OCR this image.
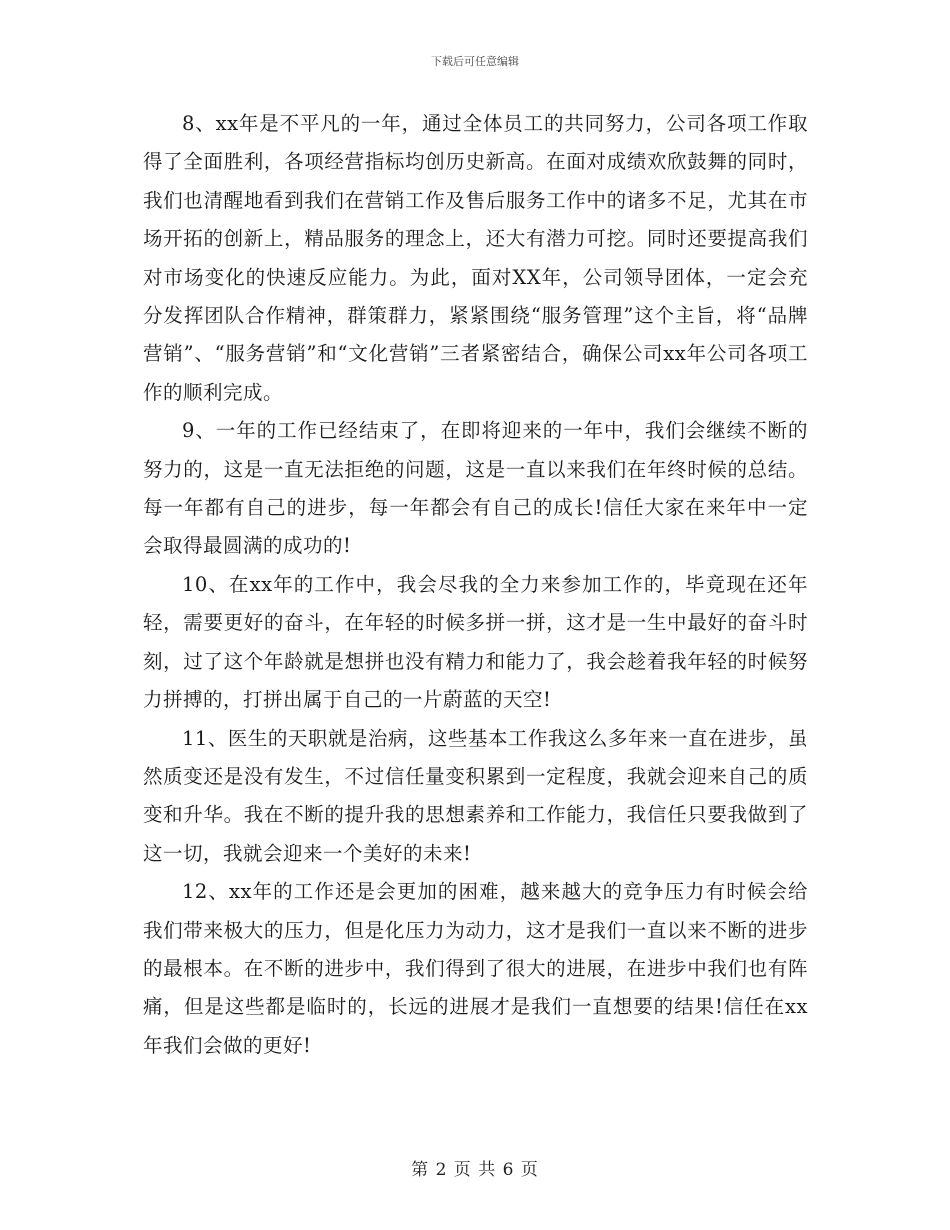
下载后可任意编辑

8、xx年是不平凡的一年，通过全体员工的共同努力，公司各项工作取得了全面胜利，各项经营指标均创历史新高。在面对成绩欢欣鼓舞的同时，我们也清醒地看到我们在营销工作及售后服务工作中的诸多不足，尤其在市场开拓的创新上，精品服务的理念上，还大有潜力可挖。同时还要提高我们对市场变化的快速反应能力。为此，面对XX年，公司领导团体，一定会充分发挥团队合作精神，群策群力，紧紧围绕“服务管理”这个主旨，将“品牌营销”、“服务营销”和“文化营销”三者紧密结合，确保公司xx年公司各项工作的顺利完成。

9、一年的工作已经结束了，在即将迎来的一年中，我们会继续不断的努力的，这是一直无法拒绝的问题，这是一直以来我们在年终时候的总结。每一年都有自己的进步，每一年都会有自己的成长!信任大家在来年中一定会取得最圆满的成功的!

10、在xx年的工作中，我会尽我的全力来参加工作的，毕竟现在还年轻，需要更好的奋斗，在年轻的时候多拼一拼，这才是一生中最好的奋斗时刻，过了这个年龄就是想拼也没有精力和能力了，我会趁着我年轻的时候努力拼搏的，打拼出属于自己的一片蔚蓝的天空!

11、医生的天职就是治病，这些基本工作我这么多年来一直在进步，虽然质变还是没有发生，不过信任量变积累到一定程度，我就会迎来自己的质变和升华。我在不断的提升我的思想素养和工作能力，我信任只要我做到了这一切，我就会迎来一个美好的未来!

12、xx年的工作还是会更加的困难，越来越大的竞争压力有时候会给我们带来极大的压力，但是化压力为动力，这才是我们一直以来不断的进步的最根本。在不断的进步中，我们得到了很大的进展，在进步中我们也有阵痛，但是这些都是临时的，长远的进展才是我们一直想要的结果!信任在xx年我们会做的更好!

第 2 页 共 6 页
